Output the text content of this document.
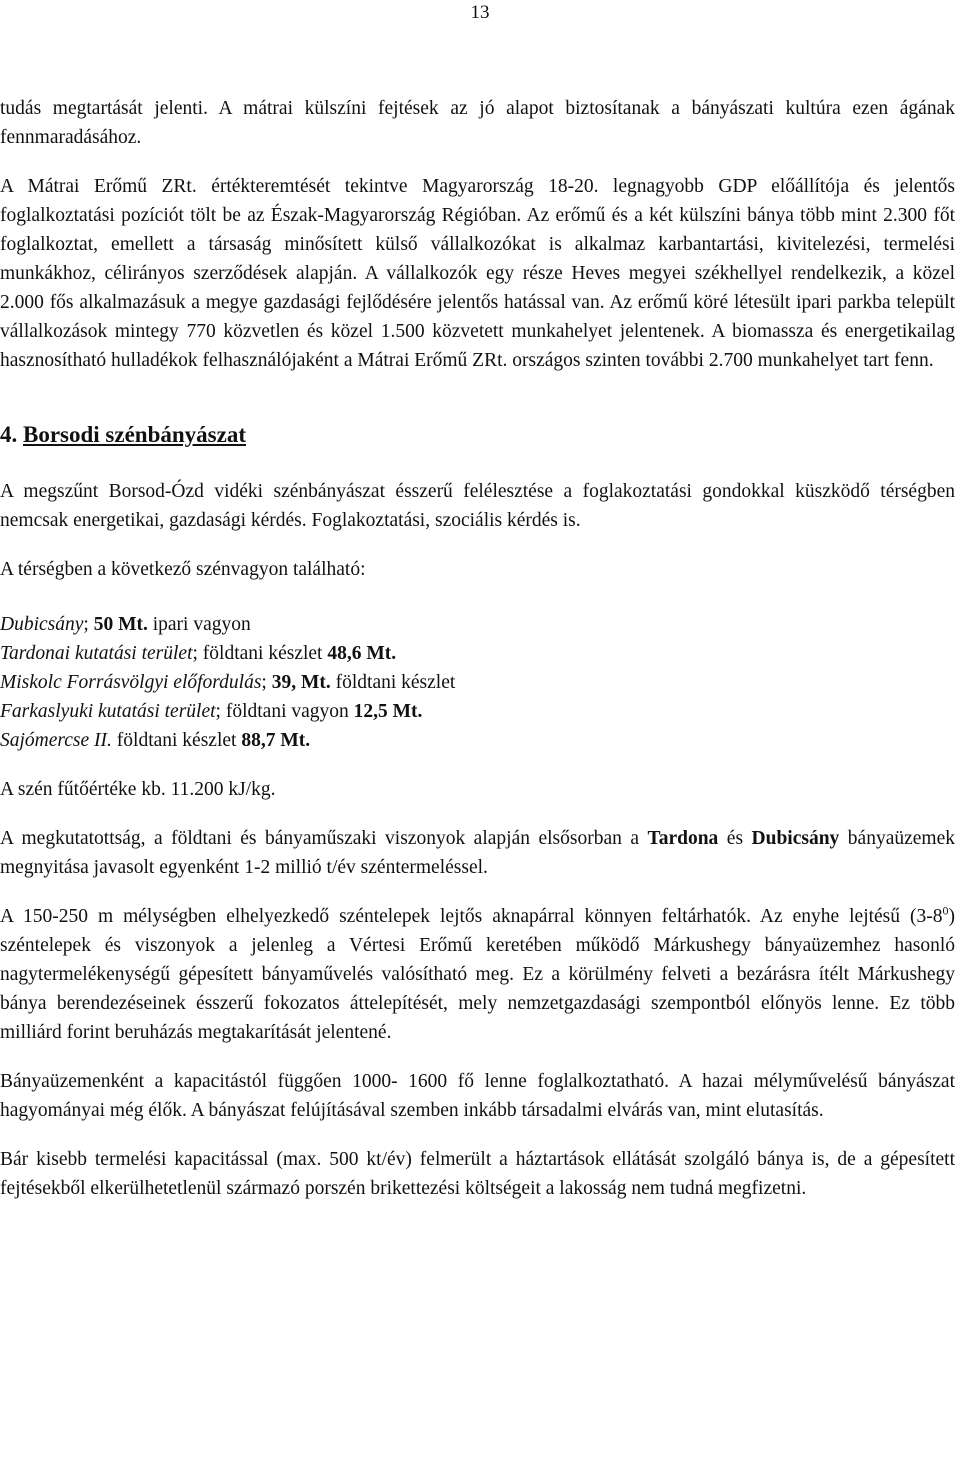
13

tudás megtartását jelenti. A mátrai külszíni fejtések az jó alapot biztosítanak a bányászati kultúra ezen ágának fennmaradásához.

A Mátrai Erőmű ZRt. értékteremtését tekintve Magyarország 18-20. legnagyobb GDP előállítója és jelentős foglalkoztatási pozíciót tölt be az Észak-Magyarország Régióban. Az erőmű és a két külszíni bánya több mint 2.300 főt foglalkoztat, emellett a társaság minősített külső vállalkozókat is alkalmaz karbantartási, kivitelezési, termelési munkákhoz, célirányos szerződések alapján. A vállalkozók egy része Heves megyei székhellyel rendelkezik, a közel 2.000 fős alkalmazásuk a megye gazdasági fejlődésére jelentős hatással van. Az erőmű köré létesült ipari parkba települt vállalkozások mintegy 770 közvetlen és közel 1.500 közvetett munkahelyet jelentenek. A biomassza és energetikailag hasznosítható hulladékok felhasználójaként a Mátrai Erőmű ZRt. országos szinten további 2.700 munkahelyet tart fenn.

4. Borsodi szénbányászat

A megszűnt Borsod-Ózd vidéki szénbányászat ésszerű felélesztése a foglakoztatási gondokkal küszködő térségben nemcsak energetikai, gazdasági kérdés. Foglakoztatási, szociális kérdés is.

A térségben a következő szénvagyon található:

Dubicsány; 50 Mt. ipari vagyon

Tardonai kutatási terület; földtani készlet 48,6 Mt.

Miskolc Forrásvölgyi előfordulás; 39, Mt. földtani készlet

Farkaslyuki kutatási terület; földtani vagyon 12,5 Mt.

Sajómercse II. földtani készlet 88,7 Mt.

A szén fűtőértéke kb. 11.200 kJ/kg.

A megkutatottság, a földtani és bányaműszaki viszonyok alapján elsősorban a Tardona és Dubicsány bányaüzemek megnyitása javasolt egyenként 1-2 millió t/év széntermeléssel.

A 150-250 m mélységben elhelyezkedő széntelepek lejtős aknapárral könnyen feltárhatók. Az enyhe lejtésű $(3-8^0)$ széntelepek és viszonyok a jelenleg a Vértesi Erőmű keretében működő Márkushegy bányaüzemhez hasonló nagytermelékenységű gépesített bányaművelés valósítható meg. Ez a körülmény felveti a bezárásra ítélt Márkushegy bánya berendezéseinek ésszerű fokozatos áttelepítését, mely nemzetgazdasági szempontból előnyös lenne. Ez több milliárd forint beruházás megtakarítását jelentené.

Bányaüzemenként a kapacitástól függően 1000- 1600 fő lenne foglalkoztatható. A hazai mélyművelésű bányászat hagyományai még élők. A bányászat felújításával szemben inkább társadalmi elvárás van, mint elutasítás.

Bár kisebb termelési kapacitással (max. 500 kt/év) felmerült a háztartások ellátását szolgáló bánya is, de a gépesített fejtésekből elkerülhetetlenül származó porszén brikettezési költségeit a lakosság nem tudná megfizetni.
